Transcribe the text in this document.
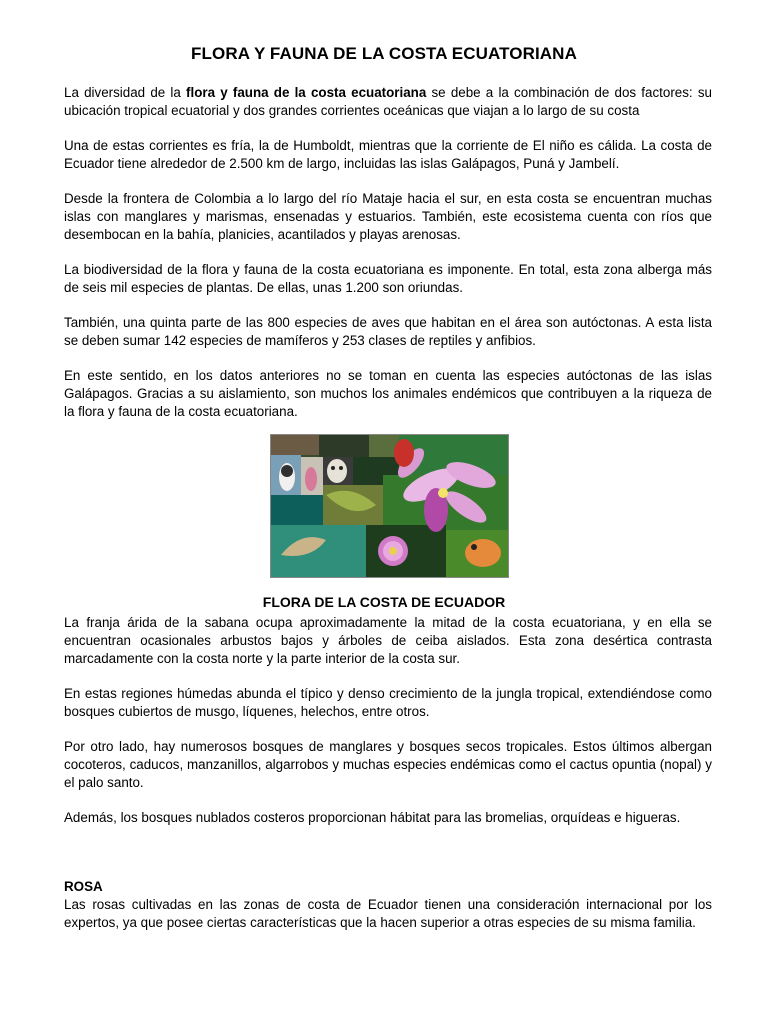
FLORA Y FAUNA DE LA COSTA ECUATORIANA

La diversidad de la flora y fauna de la costa ecuatoriana se debe a la combinación de dos factores: su ubicación tropical ecuatorial y dos grandes corrientes oceánicas que viajan a lo largo de su costa

Una de estas corrientes es fría, la de Humboldt, mientras que la corriente de El niño es cálida. La costa de Ecuador tiene alrededor de 2.500 km de largo, incluidas las islas Galápagos, Puná y Jambelí.

Desde la frontera de Colombia a lo largo del río Mataje hacia el sur, en esta costa se encuentran muchas islas con manglares y marismas, ensenadas y estuarios. También, este ecosistema cuenta con ríos que desembocan en la bahía, planicies, acantilados y playas arenosas.

La biodiversidad de la flora y fauna de la costa ecuatoriana es imponente. En total, esta zona alberga más de seis mil especies de plantas. De ellas, unas 1.200 son oriundas.

También, una quinta parte de las 800 especies de aves que habitan en el área son autóctonas. A esta lista se deben sumar 142 especies de mamíferos y 253 clases de reptiles y anfibios.

En este sentido, en los datos anteriores no se toman en cuenta las especies autóctonas de las islas Galápagos. Gracias a su aislamiento, son muchos los animales endémicos que contribuyen a la riqueza de la flora y fauna de la costa ecuatoriana.

FLORA DE LA COSTA DE ECUADOR

La franja árida de la sabana ocupa aproximadamente la mitad de la costa ecuatoriana, y en ella se encuentran ocasionales arbustos bajos y árboles de ceiba aislados. Esta zona desértica contrasta marcadamente con la costa norte y la parte interior de la costa sur.

En estas regiones húmedas abunda el típico y denso crecimiento de la jungla tropical, extendiéndose como bosques cubiertos de musgo, líquenes, helechos, entre otros.

Por otro lado, hay numerosos bosques de manglares y bosques secos tropicales. Estos últimos albergan cocoteros, caducos, manzanillos, algarrobos y muchas especies endémicas como el cactus opuntia (nopal) y el palo santo.

Además, los bosques nublados costeros proporcionan hábitat para las bromelias, orquídeas e higueras.

ROSA

Las rosas cultivadas en las zonas de costa de Ecuador tienen una consideración internacional por los expertos, ya que posee ciertas características que la hacen superior a otras especies de su misma familia.
